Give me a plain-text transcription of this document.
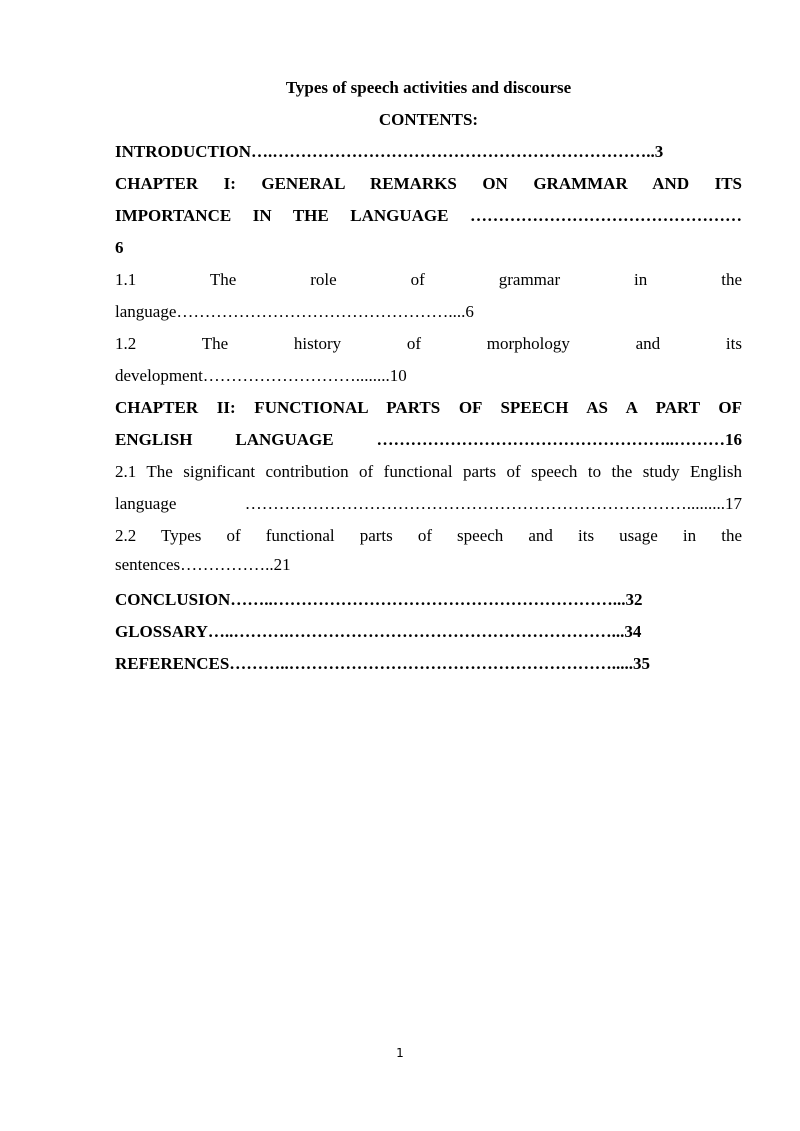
Types of speech activities and discourse

CONTENTS:

INTRODUCTION….…………………………………………………………..3

CHAPTER I: GENERAL REMARKS ON GRAMMAR AND ITS

IMPORTANCE IN THE LANGUAGE …………………………………………

6

1.1 The role of grammar in the

language…………………………………………....6

1.2 The history of morphology and its

development………………………........10

CHAPTER II: FUNCTIONAL PARTS OF SPEECH AS A PART OF

ENGLISH LANGUAGE ……………………………………………..………16

2.1 The significant contribution of functional parts of speech to the study English

language …………………………………………………………………….........17

2.2 Types of functional parts of speech and its usage in the

sentences……………..21

CONCLUSION……..……………………………………………………...32

GLOSSARY…..……….…………………………………………………...34

REFERENCES………..………………………………………………….....35

1
